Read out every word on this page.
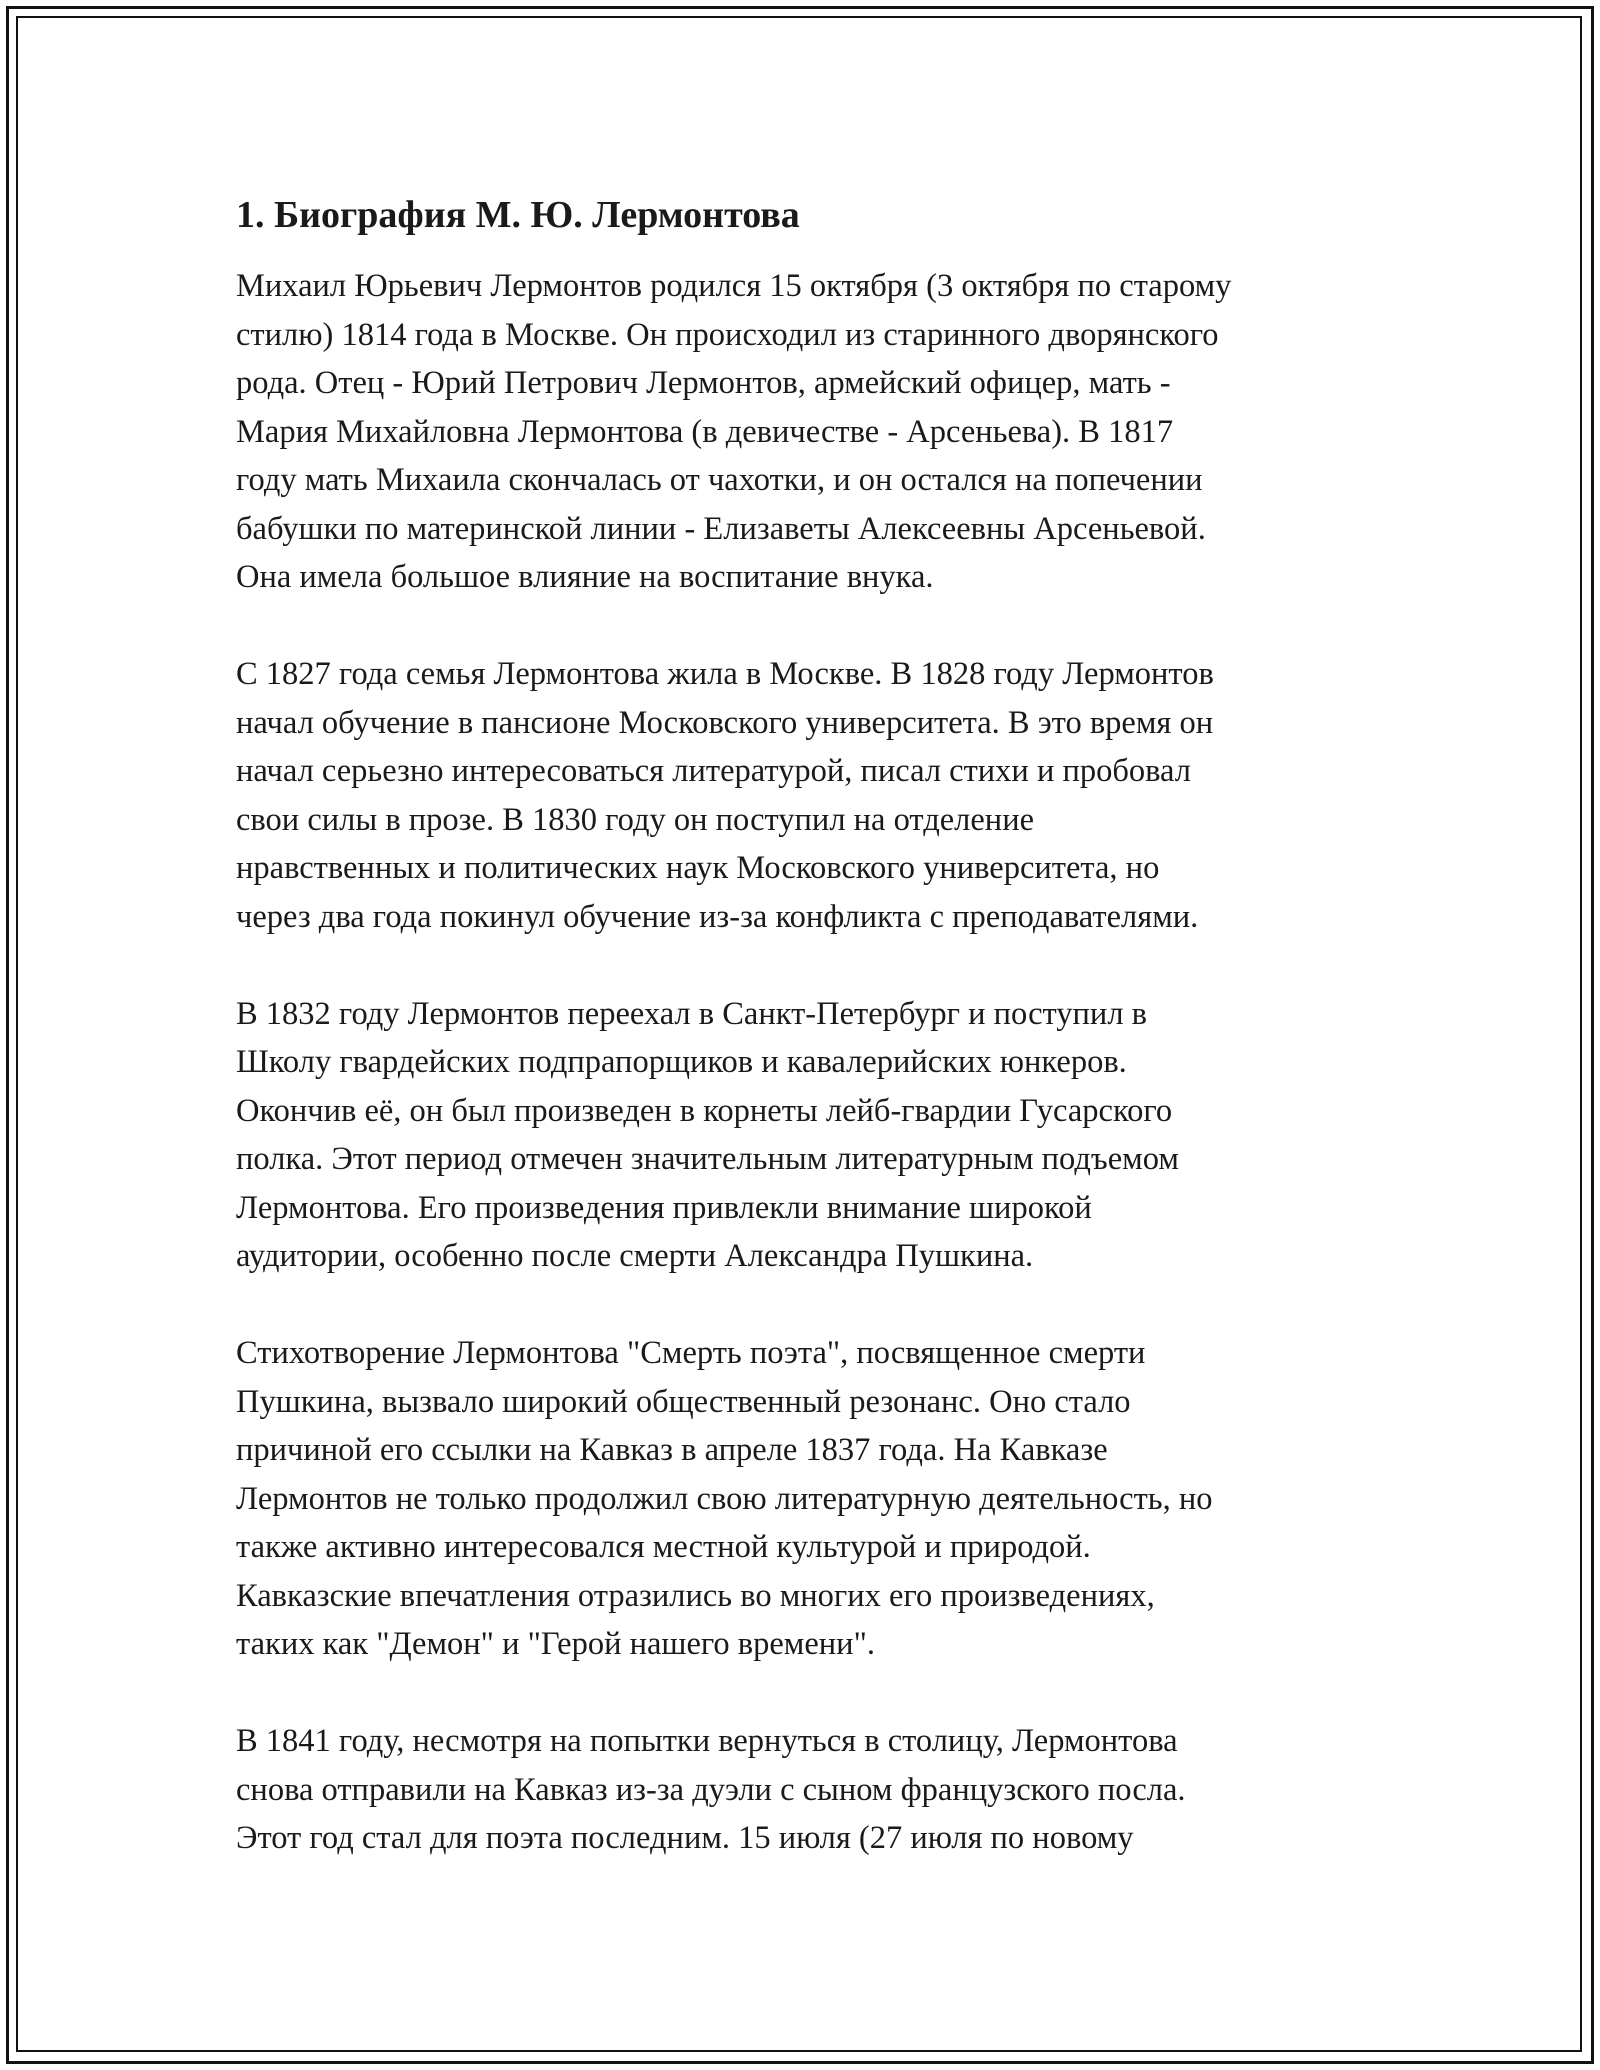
1. Биография М. Ю. Лермонтова

Михаил Юрьевич Лермонтов родился 15 октября (3 октября по старому
стилю) 1814 года в Москве. Он происходил из старинного дворянского
рода. Отец - Юрий Петрович Лермонтов, армейский офицер, мать -
Мария Михайловна Лермонтова (в девичестве - Арсеньева). В 1817
году мать Михаила скончалась от чахотки, и он остался на попечении
бабушки по материнской линии - Елизаветы Алексеевны Арсеньевой.
Она имела большое влияние на воспитание внука.

С 1827 года семья Лермонтова жила в Москве. В 1828 году Лермонтов
начал обучение в пансионе Московского университета. В это время он
начал серьезно интересоваться литературой, писал стихи и пробовал
свои силы в прозе. В 1830 году он поступил на отделение
нравственных и политических наук Московского университета, но
через два года покинул обучение из-за конфликта с преподавателями.

В 1832 году Лермонтов переехал в Санкт-Петербург и поступил в
Школу гвардейских подпрапорщиков и кавалерийских юнкеров.
Окончив её, он был произведен в корнеты лейб-гвардии Гусарского
полка. Этот период отмечен значительным литературным подъемом
Лермонтова. Его произведения привлекли внимание широкой
аудитории, особенно после смерти Александра Пушкина.

Стихотворение Лермонтова "Смерть поэта", посвященное смерти
Пушкина, вызвало широкий общественный резонанс. Оно стало
причиной его ссылки на Кавказ в апреле 1837 года. На Кавказе
Лермонтов не только продолжил свою литературную деятельность, но
также активно интересовался местной культурой и природой.
Кавказские впечатления отразились во многих его произведениях,
таких как "Демон" и "Герой нашего времени".

В 1841 году, несмотря на попытки вернуться в столицу, Лермонтова
снова отправили на Кавказ из-за дуэли с сыном французского посла.
Этот год стал для поэта последним. 15 июля (27 июля по новому
